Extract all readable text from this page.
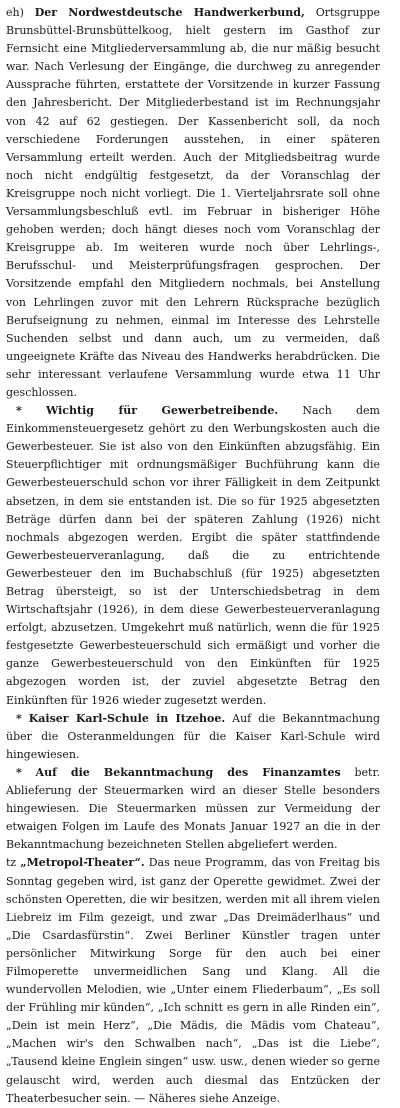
eh) Der Nordwestdeutsche Handwerkerbund, Ortsgruppe Brunsbüttel-Brunsbüttelkoog, hielt gestern im Gasthof zur Fernsicht eine Mitgliederversammlung ab, die nur mäßig besucht war. Nach Verlesung der Eingänge, die durchweg zu anregender Aussprache führten, erstattete der Vorsitzende in kurzer Fassung den Jahresbericht. Der Mitgliederbestand ist im Rechnungsjahr von 42 auf 62 gestiegen. Der Kassenbericht soll, da noch verschiedene Forderungen ausstehen, in einer späteren Versammlung erteilt werden. Auch der Mitgliedsbeitrag wurde noch nicht endgültig festgesetzt, da der Voranschlag der Kreisgruppe noch nicht vorliegt. Die 1. Vierteljahrsrate soll ohne Versammlungsbeschluß evtl. im Februar in bisheriger Höhe gehoben werden; doch hängt dieses noch vom Voranschlag der Kreisgruppe ab. Im weiteren wurde noch über Lehrlings-, Berufsschul- und Meisterprüfungsfragen gesprochen. Der Vorsitzende empfahl den Mitgliedern nochmals, bei Anstellung von Lehrlingen zuvor mit den Lehrern Rücksprache bezüglich Berufseignung zu nehmen, einmal im Interesse des Lehrstelle Suchenden selbst und dann auch, um zu vermeiden, daß ungeeignete Kräfte das Niveau des Handwerks herabdrücken. Die sehr interessant verlaufene Versammlung wurde etwa 11 Uhr geschlossen.

* Wichtig für Gewerbetreibende. Nach dem Einkommensteuergesetz gehört zu den Werbungskosten auch die Gewerbesteuer. Sie ist also von den Einkünften abzugsfähig. Ein Steuerpflichtiger mit ordnungsmäßiger Buchführung kann die Gewerbesteuerschuld schon vor ihrer Fälligkeit in dem Zeitpunkt absetzen, in dem sie entstanden ist. Die so für 1925 abgesetzten Beträge dürfen dann bei der späteren Zahlung (1926) nicht nochmals abgezogen werden. Ergibt die später stattfindende Gewerbesteuerveranlagung, daß die zu entrichtende Gewerbesteuer den im Buchabschluß (für 1925) abgesetzten Betrag übersteigt, so ist der Unterschiedsbetrag in dem Wirtschaftsjahr (1926), in dem diese Gewerbesteuerveranlagung erfolgt, abzusetzen. Umgekehrt muß natürlich, wenn die für 1925 festgesetzte Gewerbesteuerschuld sich ermäßigt und vorher die ganze Gewerbesteuerschuld von den Einkünften für 1925 abgezogen worden ist, der zuviel abgesetzte Betrag den Einkünften für 1926 wieder zugesetzt werden.

* Kaiser Karl-Schule in Itzehoe. Auf die Bekanntmachung über die Osteranmeldungen für die Kaiser Karl-Schule wird hingewiesen.

* Auf die Bekanntmachung des Finanzamtes betr. Ablieferung der Steuermarken wird an dieser Stelle besonders hingewiesen. Die Steuermarken müssen zur Vermeidung der etwaigen Folgen im Laufe des Monats Januar 1927 an die in der Bekanntmachung bezeichneten Stellen abgeliefert werden.

tz „Metropol-Theater“. Das neue Programm, das von Freitag bis Sonntag gegeben wird, ist ganz der Operette gewidmet. Zwei der schönsten Operetten, die wir besitzen, werden mit all ihrem vielen Liebreiz im Film gezeigt, und zwar „Das Dreimäderlhaus“ und „Die Csardasfürstin“. Zwei Berliner Künstler tragen unter persönlicher Mitwirkung Sorge für den auch bei einer Filmoperette unvermeidlichen Sang und Klang. All die wundervollen Melodien, wie „Unter einem Fliederbaum“, „Es soll der Frühling mir künden“, „Ich schnitt es gern in alle Rinden ein“, „Dein ist mein Herz“, „Die Mädis, die Mädis vom Chateau“, „Machen wir's den Schwalben nach“, „Das ist die Liebe“, „Tausend kleine Englein singen“ usw. usw., denen wieder so gerne gelauscht wird, werden auch diesmal das Entzücken der Theaterbesucher sein. — Näheres siehe Anzeige.
